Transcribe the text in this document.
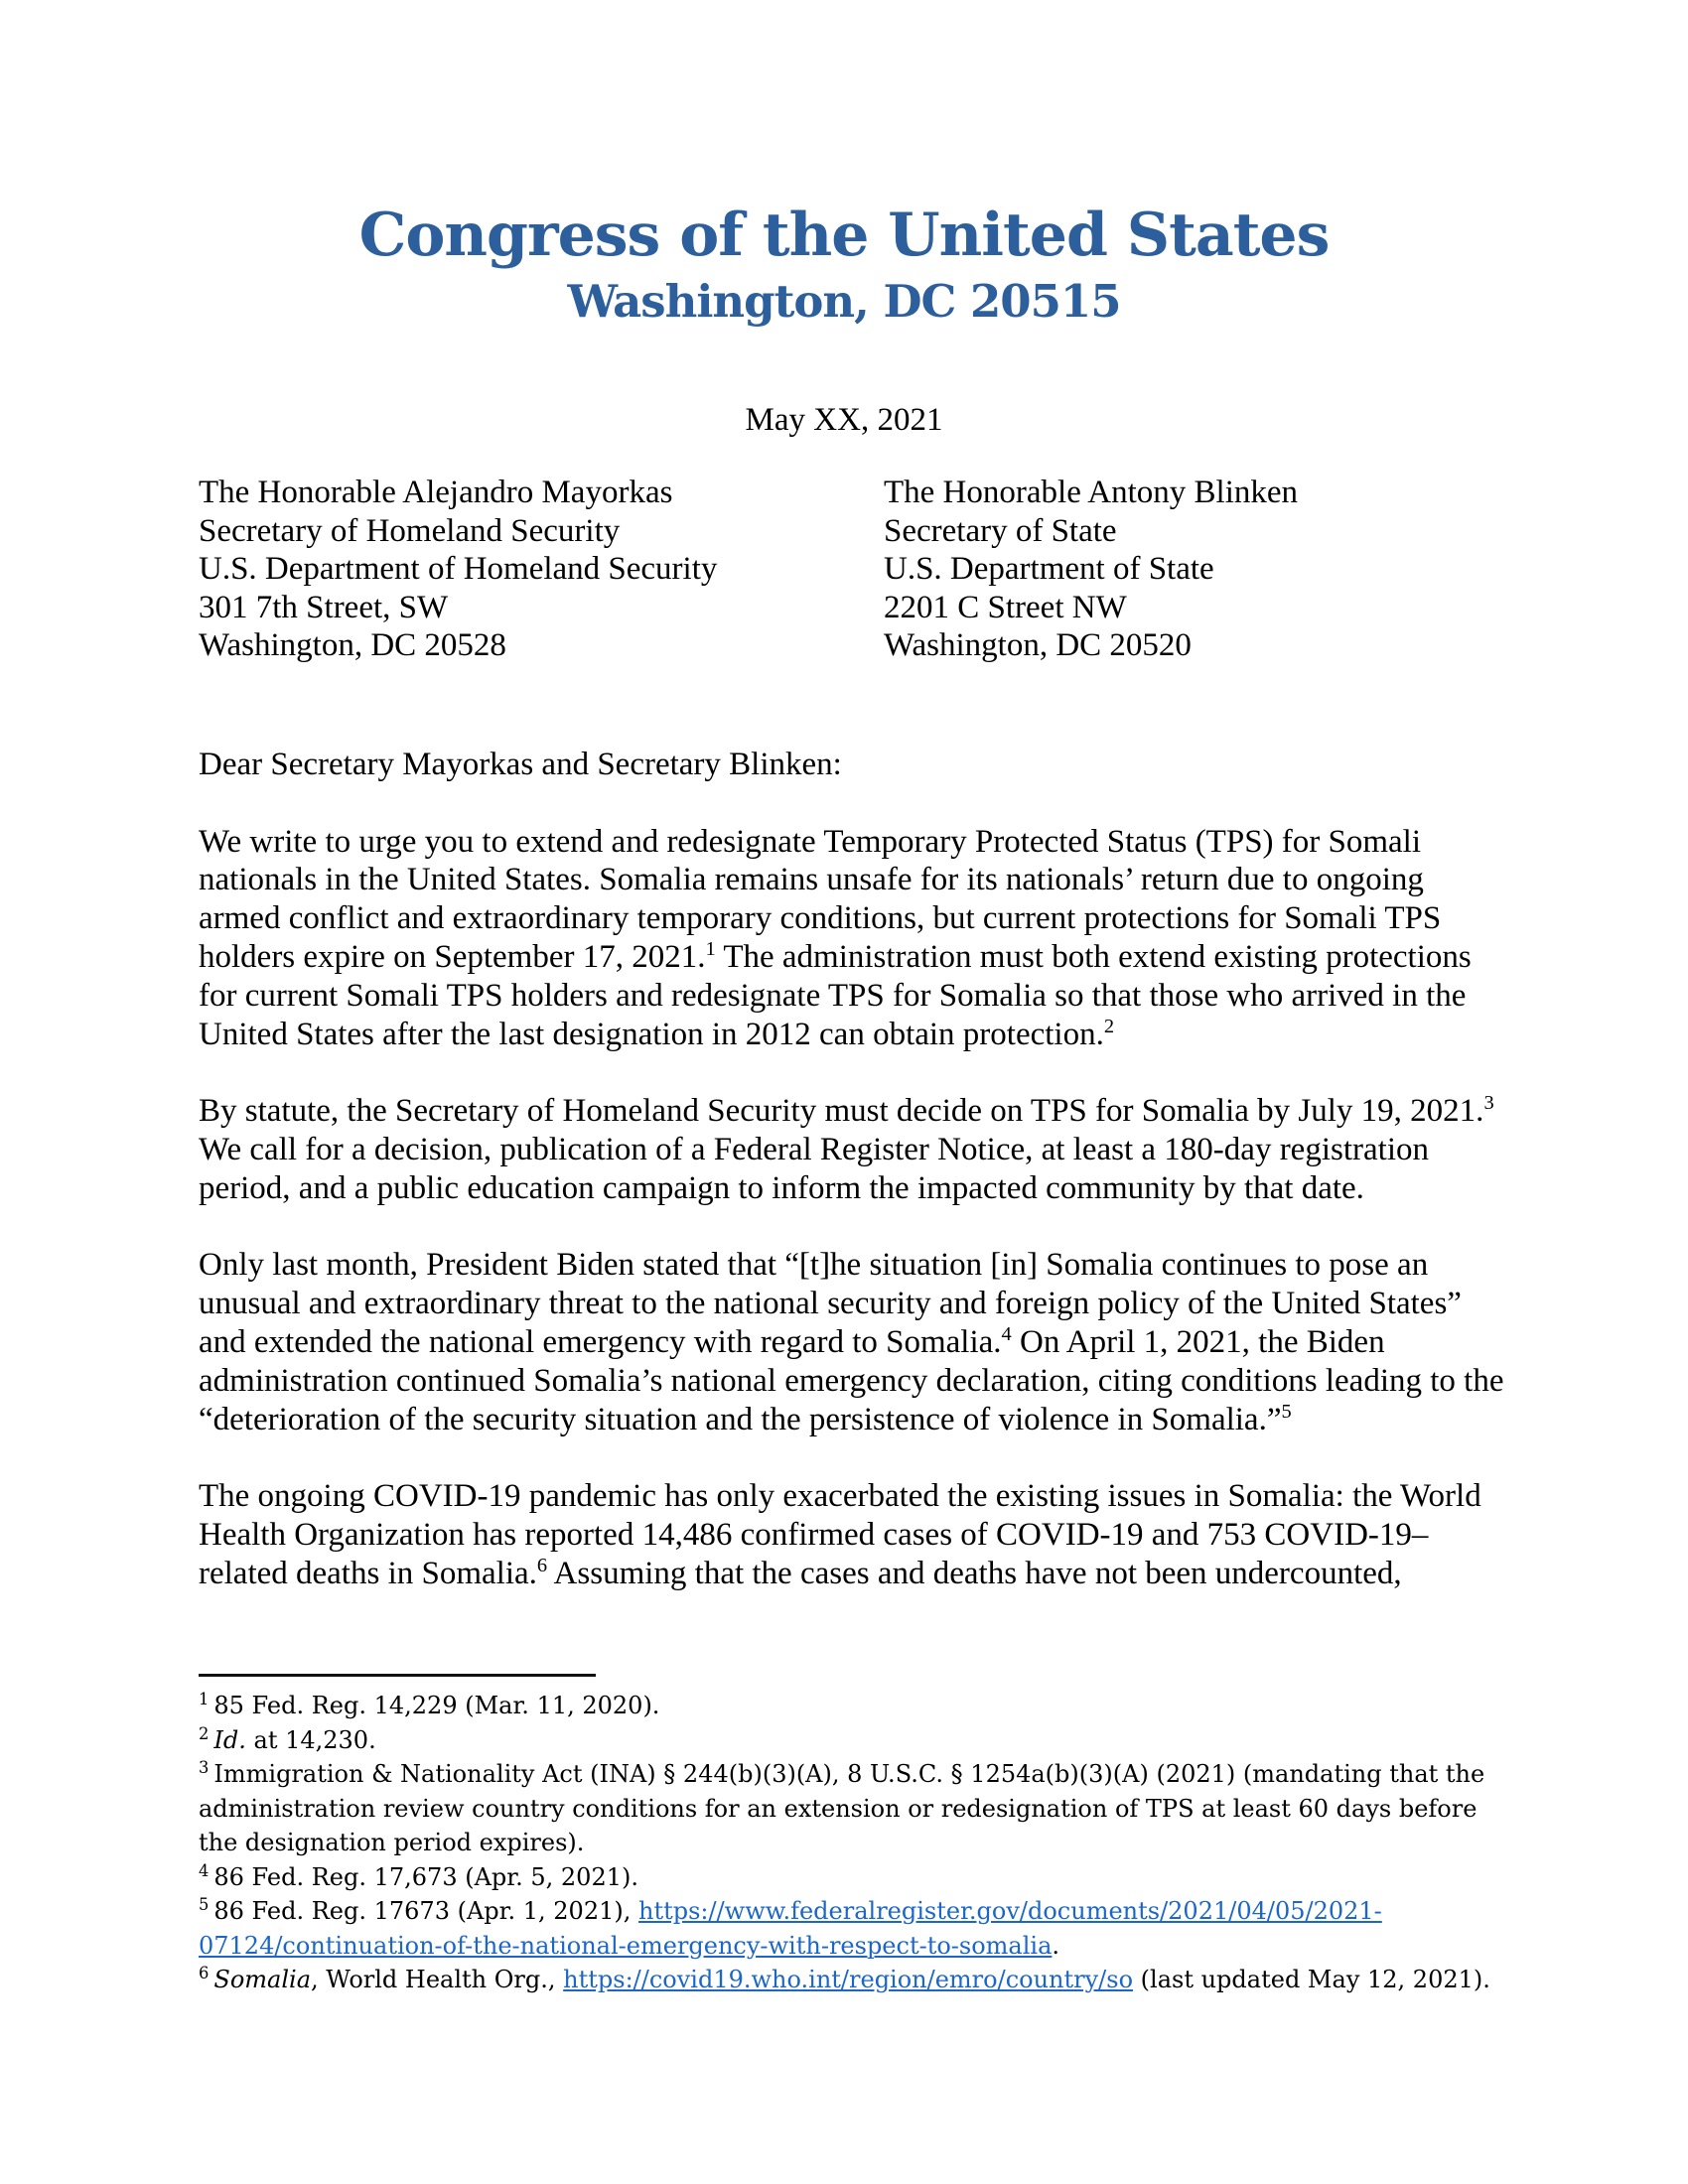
Congress of the United States
Washington, DC 20515
May XX, 2021
The Honorable Alejandro Mayorkas
Secretary of Homeland Security
U.S. Department of Homeland Security
301 7th Street, SW
Washington, DC 20528
The Honorable Antony Blinken
Secretary of State
U.S. Department of State
2201 C Street NW
Washington, DC 20520
Dear Secretary Mayorkas and Secretary Blinken:

We write to urge you to extend and redesignate Temporary Protected Status (TPS) for Somali nationals in the United States. Somalia remains unsafe for its nationals’ return due to ongoing armed conflict and extraordinary temporary conditions, but current protections for Somali TPS holders expire on September 17, 2021.$^1$ The administration must both extend existing protections for current Somali TPS holders and redesignate TPS for Somalia so that those who arrived in the United States after the last designation in 2012 can obtain protection.$^2$

By statute, the Secretary of Homeland Security must decide on TPS for Somalia by July 19, 2021.$^3$ We call for a decision, publication of a Federal Register Notice, at least a 180-day registration period, and a public education campaign to inform the impacted community by that date.

Only last month, President Biden stated that “[t]he situation [in] Somalia continues to pose an unusual and extraordinary threat to the national security and foreign policy of the United States” and extended the national emergency with regard to Somalia.$^4$ On April 1, 2021, the Biden administration continued Somalia’s national emergency declaration, citing conditions leading to the “deterioration of the security situation and the persistence of violence in Somalia.”$^5$

The ongoing COVID-19 pandemic has only exacerbated the existing issues in Somalia: the World Health Organization has reported 14,486 confirmed cases of COVID-19 and 753 COVID-19–related deaths in Somalia.$^6$ Assuming that the cases and deaths have not been undercounted,

$^1$ 85 Fed. Reg. 14,229 (Mar. 11, 2020).
$^2$ Id. at 14,230.
$^3$ Immigration & Nationality Act (INA) § 244(b)(3)(A), 8 U.S.C. § 1254a(b)(3)(A) (2021) (mandating that the administration review country conditions for an extension or redesignation of TPS at least 60 days before the designation period expires).
$^4$ 86 Fed. Reg. 17,673 (Apr. 5, 2021).
$^5$ 86 Fed. Reg. 17673 (Apr. 1, 2021), https://www.federalregister.gov/documents/2021/04/05/2021-07124/continuation-of-the-national-emergency-with-respect-to-somalia.
$^6$ Somalia, World Health Org., https://covid19.who.int/region/emro/country/so (last updated May 12, 2021).
